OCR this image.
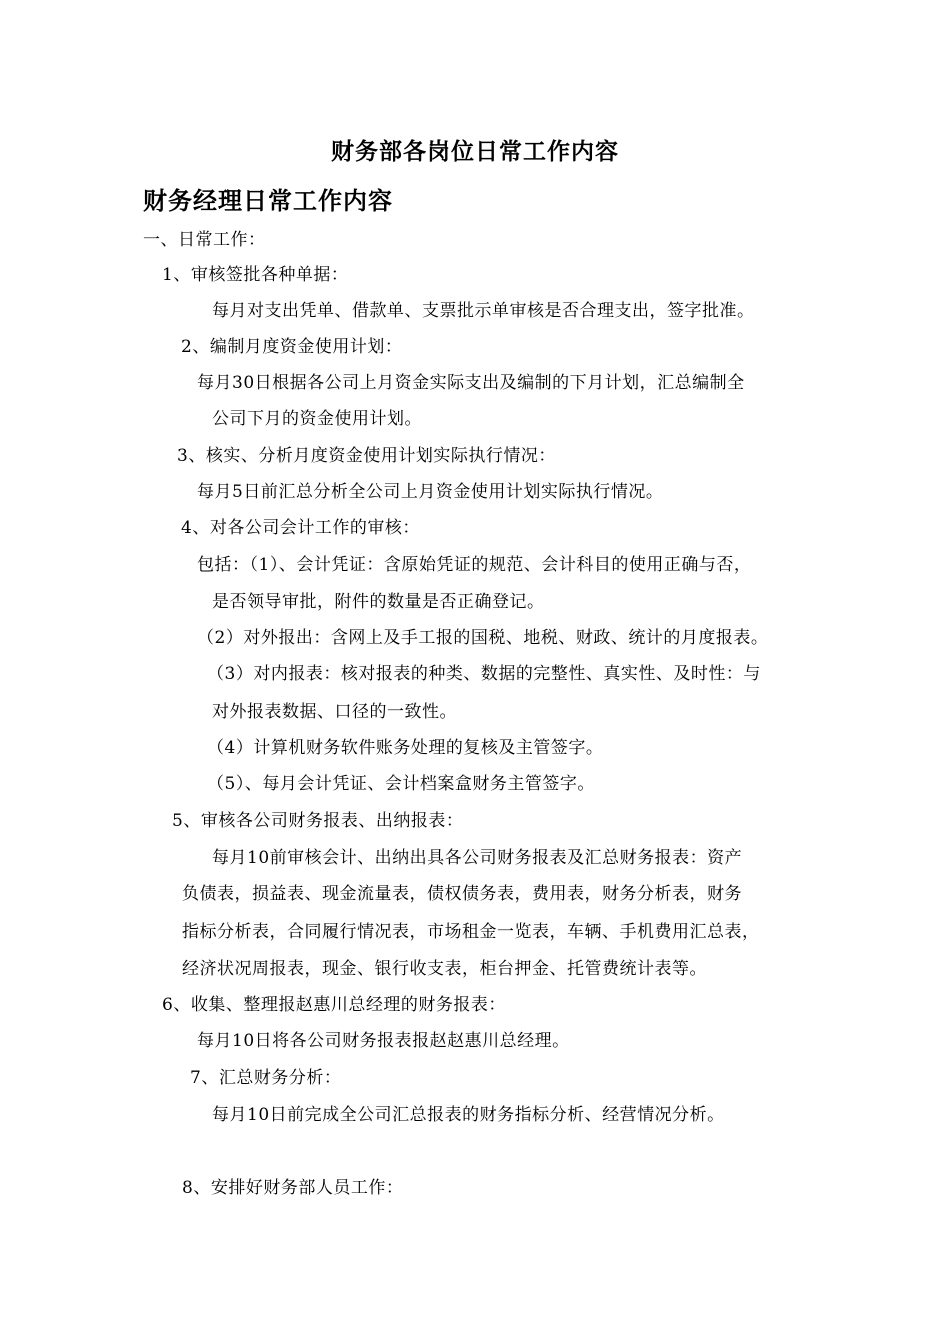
财务部各岗位日常工作内容
财务经理日常工作内容
一、日常工作：
1、审核签批各种单据：
每月对支出凭单、借款单、支票批示单审核是否合理支出，签字批准。
2、编制月度资金使用计划：
每月30日根据各公司上月资金实际支出及编制的下月计划，汇总编制全
公司下月的资金使用计划。
3、核实、分析月度资金使用计划实际执行情况：
每月5日前汇总分析全公司上月资金使用计划实际执行情况。
4、对各公司会计工作的审核：
包括：（1）、会计凭证：含原始凭证的规范、会计科目的使用正确与否，
是否领导审批，附件的数量是否正确登记。
（2）对外报出：含网上及手工报的国税、地税、财政、统计的月度报表。
（3）对内报表：核对报表的种类、数据的完整性、真实性、及时性：与
对外报表数据、口径的一致性。
（4）计算机财务软件账务处理的复核及主管签字。
（5）、每月会计凭证、会计档案盒财务主管签字。
5、审核各公司财务报表、出纳报表：
每月10前审核会计、出纳出具各公司财务报表及汇总财务报表：资产
负债表，损益表、现金流量表，债权债务表，费用表，财务分析表，财务
指标分析表，合同履行情况表，市场租金一览表，车辆、手机费用汇总表，
经济状况周报表，现金、银行收支表，柜台押金、托管费统计表等。
6、收集、整理报赵惠川总经理的财务报表：
每月10日将各公司财务报表报赵赵惠川总经理。
7、汇总财务分析：
每月10日前完成全公司汇总报表的财务指标分析、经营情况分析。
8、安排好财务部人员工作：
